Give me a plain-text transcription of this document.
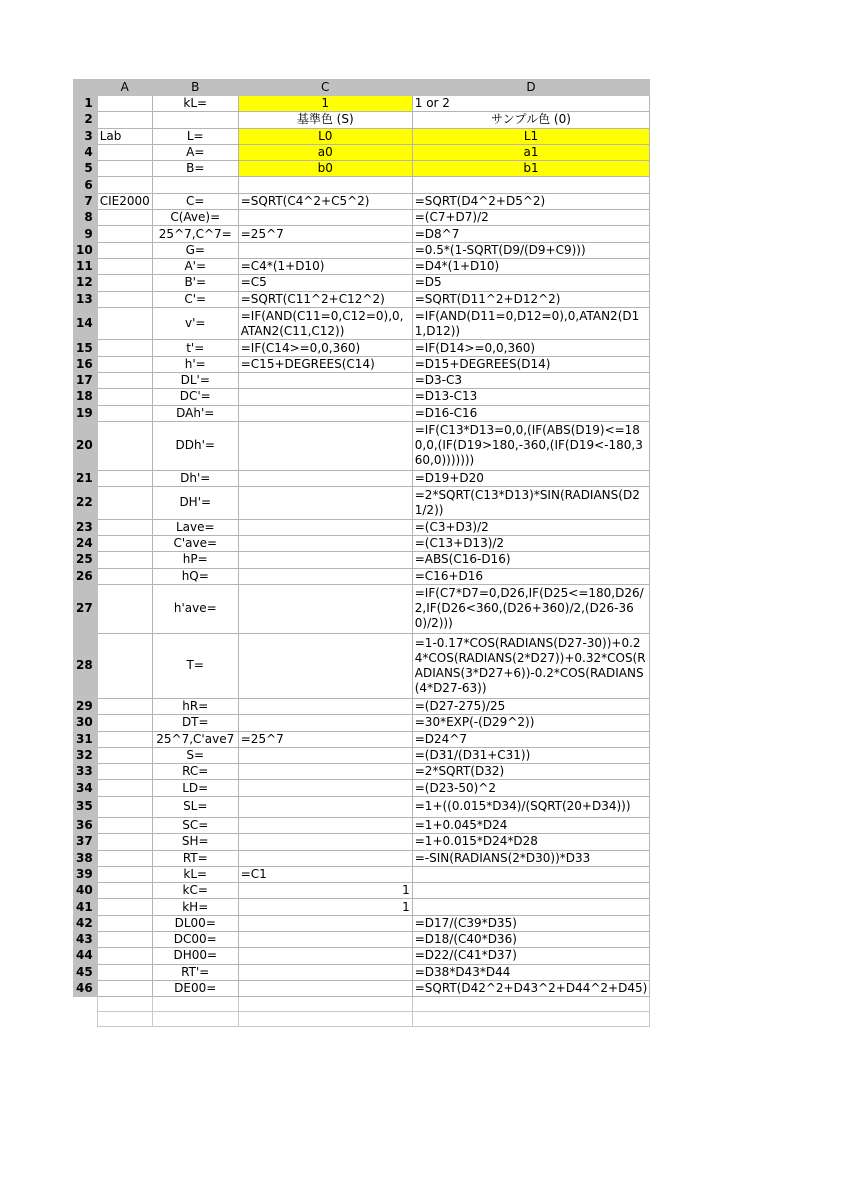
	A	B	C	D
1		kL=	1	1 or 2
2			基準色 (S)	サンプル色 (0)
3	Lab	L=	L0	L1
4		A=	a0	a1
5		B=	b0	b1
6				
7	CIE2000	C=	=SQRT(C4^2+C5^2)	=SQRT(D4^2+D5^2)
8		C(Ave)=		=(C7+D7)/2
9		25^7,C^7=	=25^7	=D8^7
10		G=		=0.5*(1-SQRT(D9/(D9+C9)))
11		A'=	=C4*(1+D10)	=D4*(1+D10)
12		B'=	=C5	=D5
13		C'=	=SQRT(C11^2+C12^2)	=SQRT(D11^2+D12^2)
14		v'=	=IF(AND(C11=0,C12=0),0,ATAN2(C11,C12))	=IF(AND(D11=0,D12=0),0,ATAN2(D11,D12))
15		t'=	=IF(C14>=0,0,360)	=IF(D14>=0,0,360)
16		h'=	=C15+DEGREES(C14)	=D15+DEGREES(D14)
17		DL'=		=D3-C3
18		DC'=		=D13-C13
19		DAh'=		=D16-C16
20		DDh'=		=IF(C13*D13=0,0,(IF(ABS(D19)<=180,0,(IF(D19>180,-360,(IF(D19<-180,360,0)))))))
21		Dh'=		=D19+D20
22		DH'=		=2*SQRT(C13*D13)*SIN(RADIANS(D21/2))
23		Lave=		=(C3+D3)/2
24		C'ave=		=(C13+D13)/2
25		hP=		=ABS(C16-D16)
26		hQ=		=C16+D16
27		h'ave=		=IF(C7*D7=0,D26,IF(D25<=180,D26/2,IF(D26<360,(D26+360)/2,(D26-360)/2)))
28		T=		=1-0.17*COS(RADIANS(D27-30))+0.24*COS(RADIANS(2*D27))+0.32*COS(RADIANS(3*D27+6))-0.2*COS(RADIANS(4*D27-63))
29		hR=		=(D27-275)/25
30		DT=		=30*EXP(-(D29^2))
31		25^7,C'ave7	=25^7	=D24^7
32		S=		=(D31/(D31+C31))
33		RC=		=2*SQRT(D32)
34		LD=		=(D23-50)^2
35		SL=		=1+((0.015*D34)/(SQRT(20+D34)))
36		SC=		=1+0.045*D24
37		SH=		=1+0.015*D24*D28
38		RT=		=-SIN(RADIANS(2*D30))*D33
39		kL=	=C1	
40		kC=	1	
41		kH=	1	
42		DL00=		=D17/(C39*D35)
43		DC00=		=D18/(C40*D36)
44		DH00=		=D22/(C41*D37)
45		RT'=		=D38*D43*D44
46		DE00=		=SQRT(D42^2+D43^2+D44^2+D45)
